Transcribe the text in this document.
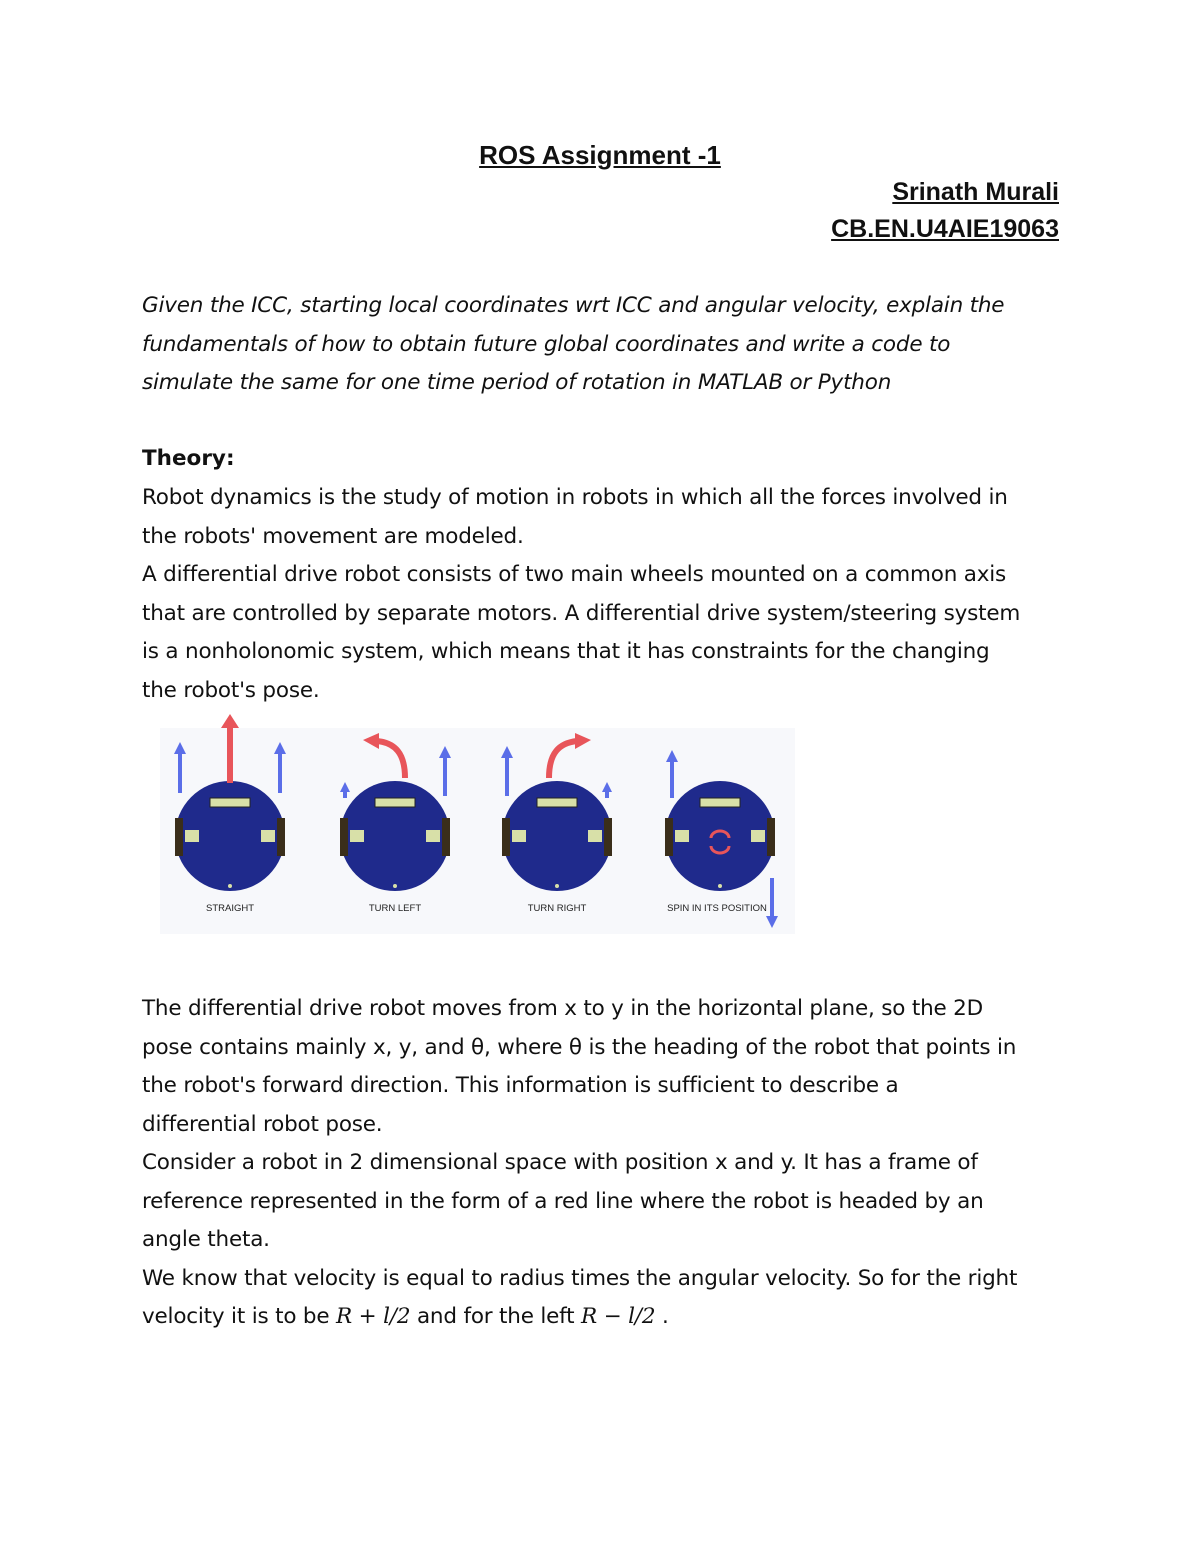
ROS Assignment -1
Srinath Murali
CB.EN.U4AIE19063
Given the ICC, starting local coordinates wrt ICC and angular velocity, explain the
fundamentals of how to obtain future global coordinates and write a code to
simulate the same for one time period of rotation in MATLAB or Python
Theory:
Robot dynamics is the study of motion in robots in which all the forces involved in
the robots' movement are modeled.
A differential drive robot consists of two main wheels mounted on a common axis
that are controlled by separate motors. A differential drive system/steering system
is a nonholonomic system, which means that it has constraints for the changing
the robot's pose.
STRAIGHT	TURN LEFT	TURN RIGHT	SPIN IN ITS POSITION
The differential drive robot moves from x to y in the horizontal plane, so the 2D
pose contains mainly x, y, and θ, where θ is the heading of the robot that points in
the robot's forward direction. This information is sufficient to describe a
differential robot pose.
Consider a robot in 2 dimensional space with position x and y. It has a frame of
reference represented in the form of a red line where the robot is headed by an
angle theta.
We know that velocity is equal to radius times the angular velocity. So for the right
velocity it is to be R + l/2 and for the left R − l/2 .
